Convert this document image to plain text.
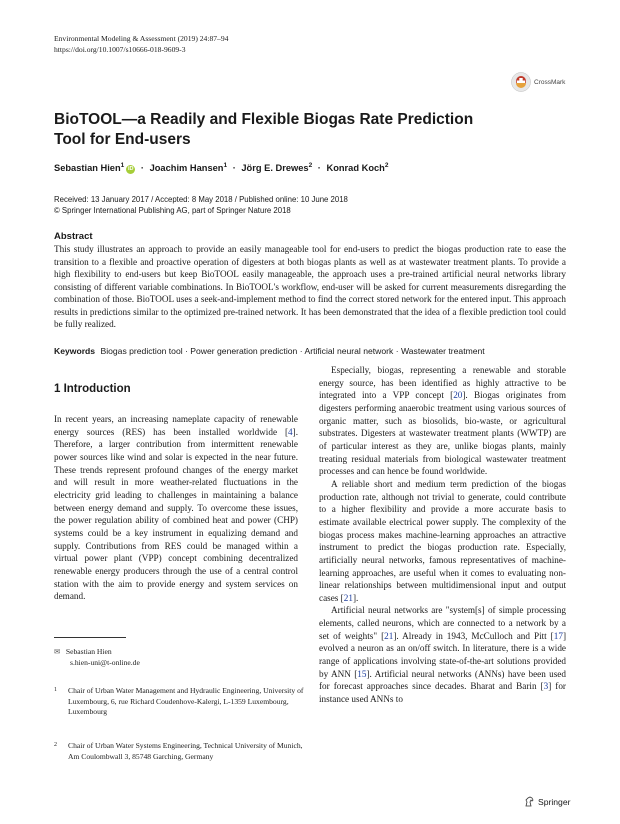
Environmental Modeling & Assessment (2019) 24:87–94
https://doi.org/10.1007/s10666-018-9609-3
CrossMark
BioTOOL—a Readily and Flexible Biogas Rate Prediction Tool for End-users
Sebastian Hien$^1$iD · Joachim Hansen$^1$ · Jörg E. Drewes$^2$ · Konrad Koch$^2$
Received: 13 January 2017 / Accepted: 8 May 2018 / Published online: 10 June 2018
© Springer International Publishing AG, part of Springer Nature 2018
Abstract

This study illustrates an approach to provide an easily manageable tool for end-users to predict the biogas production rate to ease the transition to a flexible and proactive operation of digesters at both biogas plants as well as at wastewater treatment plants. To provide a high flexibility to end-users but keep BioTOOL easily manageable, the approach uses a pre-trained artificial neural networks library consisting of different variable combinations. In BioTOOL's workflow, end-user will be asked for current measurements disregarding the combination of those. BioTOOL uses a seek-and-implement method to find the correct stored network for the entered input. This approach results in predictions similar to the optimized pre-trained network. It has been demonstrated that the idea of a flexible prediction tool could be fully realized.

Keywords Biogas prediction tool · Power generation prediction · Artificial neural network · Wastewater treatment
1 Introduction

In recent years, an increasing nameplate capacity of renewable energy sources (RES) has been installed worldwide [4]. Therefore, a larger contribution from intermittent renewable power sources like wind and solar is expected in the near future. These trends represent profound changes of the energy market and will result in more weather-related fluctuations in the electricity grid leading to challenges in maintaining a balance between energy demand and supply. To overcome these issues, the power regulation ability of combined heat and power (CHP) systems could be a key instrument in equalizing demand and supply. Contributions from RES could be managed within a virtual power plant (VPP) concept combining decentralized renewable energy producers through the use of a central control station with the aim to provide energy and system services on demand.

Especially, biogas, representing a renewable and storable energy source, has been identified as highly attractive to be integrated into a VPP concept [20]. Biogas originates from digesters performing anaerobic treatment using various sources of organic matter, such as biosolids, bio-waste, or agricultural substrates. Digesters at wastewater treatment plants (WWTP) are of particular interest as they are, unlike biogas plants, mainly treating residual materials from biological wastewater treatment processes and can hence be found worldwide.

A reliable short and medium term prediction of the biogas production rate, although not trivial to generate, could contribute to a higher flexibility and provide a more accurate basis to estimate available electrical power supply. The complexity of the biogas process makes machine-learning approaches an attractive instrument to predict the biogas production rate. Especially, artificially neural networks, famous representatives of machine-learning approaches, are useful when it comes to evaluating non-linear relationships between multidimensional input and output cases [21].

Artificial neural networks are "system[s] of simple processing elements, called neurons, which are connected to a network by a set of weights" [21]. Already in 1943, McCulloch and Pitt [17] evolved a neuron as an on/off switch. In literature, there is a wide range of applications involving state-of-the-art solutions provided by ANN [15]. Artificial neural networks (ANNs) have been used for forecast approaches since decades. Bharat and Barin [3] for instance used ANNs to

✉ Sebastian Hien
s.hien-uni@t-online.de
1 Chair of Urban Water Management and Hydraulic Engineering, University of Luxembourg, 6, rue Richard Coudenhove-Kalergi, L-1359 Luxembourg, Luxembourg
2 Chair of Urban Water Systems Engineering, Technical University of Munich, Am Coulombwall 3, 85748 Garching, Germany
Springer
